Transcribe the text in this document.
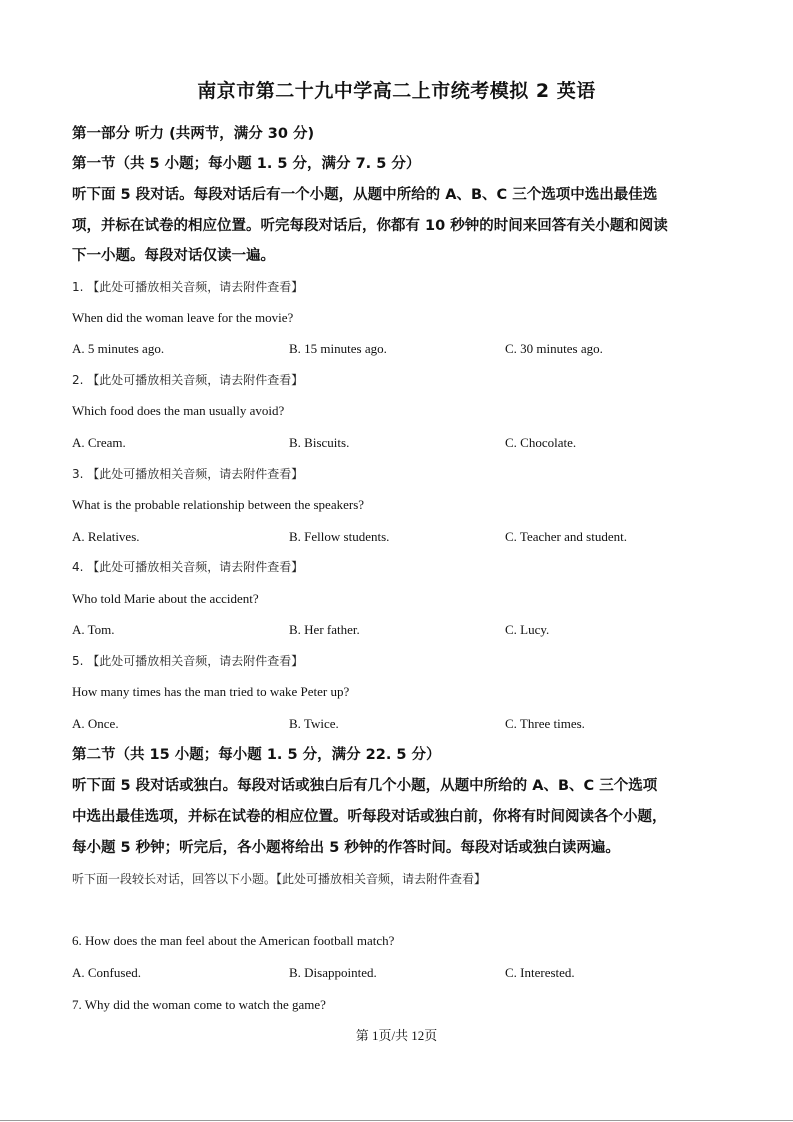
南京市第二十九中学高二上市统考模拟 2 英语
第一部分 听力 (共两节，满分 30 分)
第一节（共 5 小题；每小题 1. 5 分，满分 7. 5 分）
听下面 5 段对话。每段对话后有一个小题，从题中所给的 A、B、C 三个选项中选出最佳选
项，并标在试卷的相应位置。听完每段对话后，你都有 10 秒钟的时间来回答有关小题和阅读
下一小题。每段对话仅读一遍。
1. 【此处可播放相关音频，请去附件查看】
When did the woman leave for the movie?
A. 5 minutes ago.	B. 15 minutes ago.	C. 30 minutes ago.
2. 【此处可播放相关音频，请去附件查看】
Which food does the man usually avoid?
A. Cream.	B. Biscuits.	C. Chocolate.
3. 【此处可播放相关音频，请去附件查看】
What is the probable relationship between the speakers?
A. Relatives.	B. Fellow students.	C. Teacher and student.
4. 【此处可播放相关音频，请去附件查看】
Who told Marie about the accident?
A. Tom.	B. Her father.	C. Lucy.
5. 【此处可播放相关音频，请去附件查看】
How many times has the man tried to wake Peter up?
A. Once.	B. Twice.	C. Three times.
第二节（共 15 小题；每小题 1. 5 分，满分 22. 5 分）
听下面 5 段对话或独白。每段对话或独白后有几个小题，从题中所给的 A、B、C 三个选项
中选出最佳选项，并标在试卷的相应位置。听每段对话或独白前，你将有时间阅读各个小题，
每小题 5 秒钟；听完后，各小题将给出 5 秒钟的作答时间。每段对话或独白读两遍。
听下面一段较长对话，回答以下小题。【此处可播放相关音频，请去附件查看】
6. How does the man feel about the American football match?
A. Confused.	B. Disappointed.	C. Interested.
7. Why did the woman come to watch the game?
第 1页/共 12页
